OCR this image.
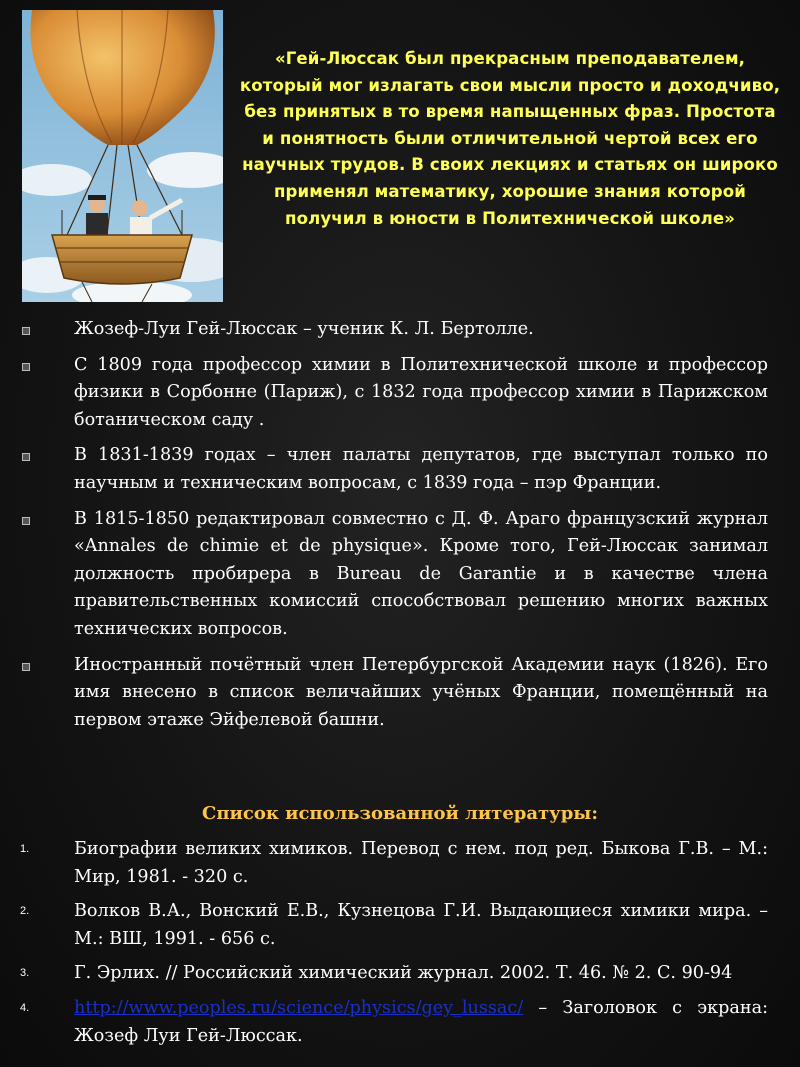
«Гей-Люссак был прекрасным преподавателем, который мог излагать свои мысли просто и доходчиво, без принятых в то время напыщенных фраз. Простота и понятность были отличительной чертой всех его научных трудов. В своих лекциях и статьях он широко применял математику, хорошие знания которой получил в юности в Политехнической школе»
Жозеф-Луи Гей-Люссак – ученик К. Л. Бертолле.
С 1809 года профессор химии в Политехнической школе и профессор физики в Сорбонне (Париж), с 1832 года профессор химии в Парижском ботаническом саду .
В 1831-1839 годах – член палаты депутатов, где выступал только по научным и техническим вопросам, с 1839 года – пэр Франции.
В 1815-1850 редактировал совместно с Д. Ф. Араго французский журнал «Annales de chimie et de physique». Кроме того, Гей-Люссак занимал должность пробирера в Bureau de Garantie и в качестве члена правительственных комиссий способствовал решению многих важных технических вопросов.
Иностранный почётный член Петербургской Академии наук (1826). Его имя внесено в список величайших учёных Франции, помещённый на первом этаже Эйфелевой башни.
Список использованной литературы:
1.	Биографии великих химиков. Перевод с нем. под ред. Быкова Г.В. – М.: Мир, 1981. - 320 с.
2.	Волков В.А., Вонский Е.В., Кузнецова Г.И. Выдающиеся химики мира. – М.: ВШ, 1991. - 656 с.
3.	Г. Эрлих. // Российский химический журнал. 2002. Т. 46. № 2. С. 90-94
4.	http://www.peoples.ru/science/physics/gey_lussac/ – Заголовок с экрана: Жозеф Луи Гей-Люссак.
